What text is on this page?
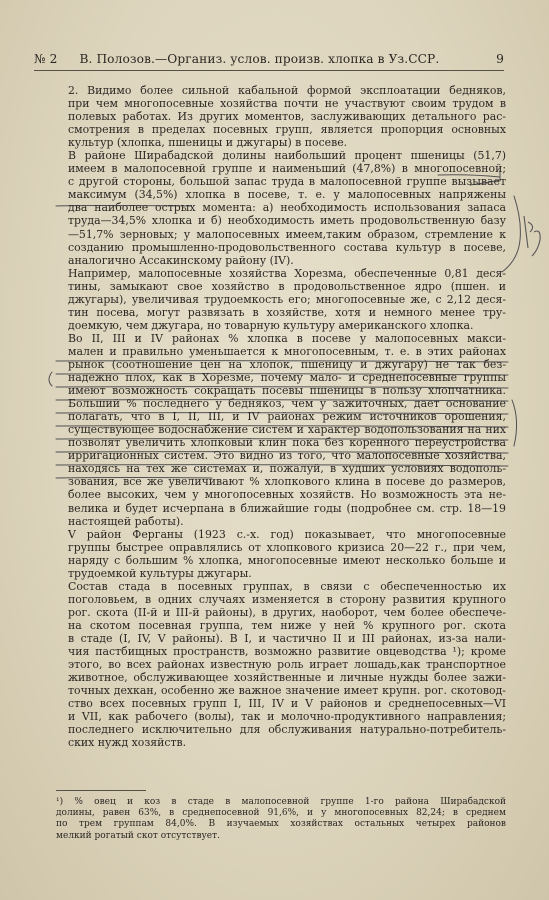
№ 2 В. Полозов.—Организ. услов. произв. хлопка в Уз.ССР.	9
2. Видимо более сильной кабальной формой эксплоатации бедняков,
при чем многопосевные хозяйства почти не участвуют своим трудом в
полевых работах. Из других моментов, заслуживающих детального рас-
смотрения в пределах посевных групп, является пропорция основных
культур (хлопка, пшеницы и джугары) в посеве.
В районе Ширабадской долины наибольший процент пшеницы (51,7)
имеем в малопосевной группе и наименьший (47,8%) в многопосевной;
с другой стороны, большой запас труда в малопосевной группе вызывает
максимум (34,5%) хлопка в посеве, т. е. у малопосевных напряжены
два наиболее острых момента: а) необходимость использования запаса
труда—34,5% хлопка и б) необходимость иметь продовольственную базу
—51,7% зерновых; у малопосевных имеем,таким образом, стремление к
созданию промышленно-продовольственного состава культур в посеве,
аналогично Ассакинскому району (IV).
Например, малопосевные хозяйства Хорезма, обеспеченные 0,81 деся-
тины, замыкают свое хозяйство в продовольственное ядро (пшен. и
джугары), увеличивая трудоемкость его; многопосевные же, с 2,12 деся-
тин посева, могут развязать в хозяйстве, хотя и немного менее тру-
доемкую, чем джугара, но товарную культуру американского хлопка.
Во II, III и IV районах % хлопка в посеве у малопосевных макси-
мален и правильно уменьшается к многопосевным, т. е. в этих районах
рынок (соотношение цен на хлопок, пшеницу и джугару) не так без-
надежно плох, как в Хорезме, почему мало- и среднепосевные группы
имеют возможность сокращать посевы пшеницы в пользу хлопчатника.
Больший % последнего у беднякоз, чем у зажиточных, дает основание
полагать, что в I, II, III, и IV районах режим источников орошения,
существующее водоснабжение систем и характер водопользования на них
позволят увеличить хлопковый клин пока без коренного переустройства
ирригационных систем. Это видно из того, что малопосевные хозяйства,
находясь на тех же системах и, пожалуй, в худших условиях водополь-
зования, все же увеличивают % хлопкового клина в посеве до размеров,
более высоких, чем у многопосевных хозяйств. Но возможность эта не-
велика и будет исчерпана в ближайшие годы (подробнее см. стр. 18—19
настоящей работы).
V район Ферганы (1923 с.-х. год) показывает, что многопосевные
группы быстрее оправлялись от хлопкового кризиса 20—22 г., при чем,
наряду с большим % хлопка, многопосевные имеют несколько больше и
трудоемкой культуры джугары.
Состав стада в посевных группах, в связи с обеспеченностью их
поголовьем, в одних случаях изменяется в сторону развития крупного
рог. скота (II-й и III-й районы), в других, наоборот, чем более обеспече-
на скотом посевная группа, тем ниже у ней % крупного рог. скота
в стаде (I, IV, V районы). В I, и частично II и III районах, из-за нали-
чия пастбищных пространств, возможно развитие овцеводства ¹); кроме
этого, во всех районах известную роль играет лошадь,как транспортное
животное, обслуживающее хозяйственные и личные нужды более зажи-
точных дехкан, особенно же важное значение имеет крупн. рог. скотовод-
ство всех посевных групп I, III, IV и V районов и среднепосевных—VI
и VII, как рабочего (волы), так и молочно-продуктивного направления;
последнего исключительно для обслуживания натурально-потребитель-
ских нужд хозяйств.
¹) % овец и коз в стаде в малопосевной группе 1-го района Ширабадской
долины, равен 63%, в среднепосевной 91,6%, и у многопосевных 82,24; в среднем
по трем группам 84,0%. В изучаемых хозяйствах остальных четырех районов
мелкий рогатый скот отсутствует.
